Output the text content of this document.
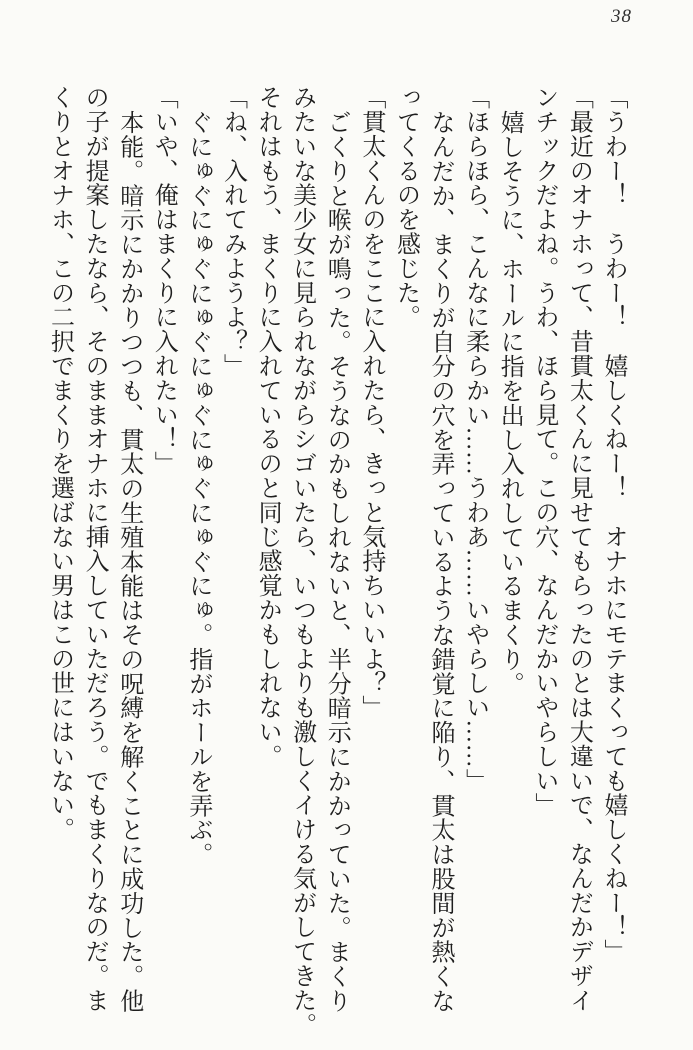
38
「うわー！　うわー！　嬉しくねー！　オナホにモテまくっても嬉しくねー！」
「最近のオナホって、昔貫太くんに見せてもらったのとは大違いで、なんだかデザイ
ンチックだよね。うわ、ほら見て。この穴、なんだかいやらしい」
嬉しそうに、ホールに指を出し入れしているまくり。
「ほらほら、こんなに柔らかい……うわあ……いやらしい……」
なんだか、まくりが自分の穴を弄っているような錯覚に陥り、貫太は股間が熱くな
ってくるのを感じた。
「貫太くんのをここに入れたら、きっと気持ちいいよ？」
ごくりと喉が鳴った。そうなのかもしれないと、半分暗示にかかっていた。まくり
みたいな美少女に見られながらシゴいたら、いつもよりも激しくイける気がしてきた。
それはもう、まくりに入れているのと同じ感覚かもしれない。
「ね、入れてみようよ？」
ぐにゅぐにゅぐにゅぐにゅぐにゅぐにゅぐにゅ。指がホールを弄ぶ。
「いや、俺はまくりに入れたい！」
本能。暗示にかかりつつも、貫太の生殖本能はその呪縛を解くことに成功した。他
の子が提案したなら、そのままオナホに挿入していただろう。でもまくりなのだ。ま
くりとオナホ、この二択でまくりを選ばない男はこの世にはいない。
